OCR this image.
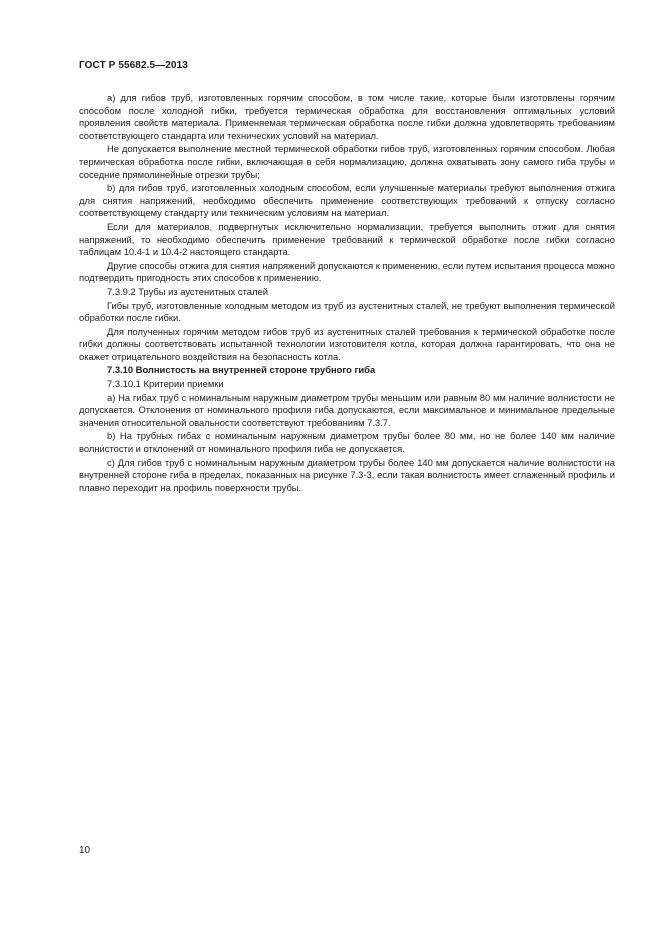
ГОСТ Р 55682.5—2013

а) для гибов труб, изготовленных горячим способом, в том числе такие, которые были изготовлены горячим способом после холодной гибки, требуется термическая обработка для восстановления оптимальных условий проявления свойств материала. Применяемая термическая обработка после гибки должна удовлетворять требованиям соответствующего стандарта или технических условий на материал.

Не допускается выполнение местной термической обработки гибов труб, изготовленных горячим способом. Любая термическая обработка после гибки, включающая в себя нормализацию, должна охватывать зону самого гиба трубы и соседние прямолинейные отрезки трубы;

b) для гибов труб, изготовленных холодным способом, если улучшенные материалы требуют выполнения отжига для снятия напряжений, необходимо обеспечить применение соответствующих требований к отпуску согласно соответствующему стандарту или техническим условиям на материал.

Если для материалов, подвергнутых исключительно нормализации, требуется выполнить отжиг для снятия напряжений, то необходимо обеспечить применение требований к термической обработке после гибки согласно таблицам 10.4-1 и 10.4-2 настоящего стандарта.

Другие способы отжига для снятия напряжений допускаются к применению, если путем испытания процесса можно подтвердить пригодность этих способов к применению.

7.3.9.2 Трубы из аустенитных сталей

Гибы труб, изготовленные холодным методом из труб из аустенитных сталей, не требуют выполнения термической обработки после гибки.

Для полученных горячим методом гибов труб из аустенитных сталей требования к термической обработке после гибки должны соответствовать испытанной технологии изготовителя котла, которая должна гарантировать, что она не окажет отрицательного воздействия на безопасность котла.

7.3.10 Волнистость на внутренней стороне трубного гиба

7.3.10.1 Критерии приемки

а) На гибах труб с номинальным наружным диаметром трубы меньшим или равным 80 мм наличие волнистости не допускается. Отклонения от номинального профиля гиба допускаются, если максимальное и минимальное предельные значения относительной овальности соответствуют требованиям 7.3.7.

b) На трубных гибах с номинальным наружным диаметром трубы более 80 мм, но не более 140 мм наличие волнистости и отклонений от номинального профиля гиба не допускается.

c) Для гибов труб с номинальным наружным диаметром трубы более 140 мм допускается наличие волнистости на внутренней стороне гиба в пределах, показанных на рисунке 7.3-3, если такая волнистость имеет сглаженный профиль и плавно переходит на профиль поверхности трубы.

10
